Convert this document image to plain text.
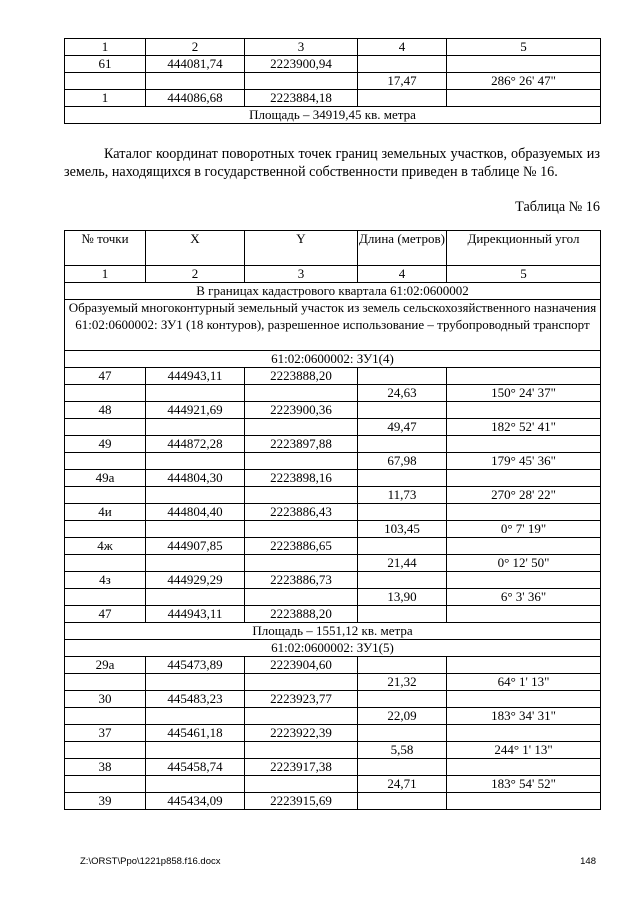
1	2	3	4	5
61	444081,74	2223900,94		
			17,47	286° 26' 47"
1	444086,68	2223884,18		
Площадь – 34919,45 кв. метра				
Каталог координат поворотных точек границ земельных участков, образуемых из земель, находящихся в государственной собственности приведен в таблице № 16.
Таблица № 16
№ точки	X	Y	Длина (метров)	Дирекционный угол
1	2	3	4	5
В границах кадастрового квартала 61:02:0600002				
Образуемый многоконтурный земельный участок из земель сельскохозяйственного назначения 61:02:0600002: ЗУ1 (18 контуров), разрешенное использование – трубопроводный транспорт				
61:02:0600002: ЗУ1(4)				
47	444943,11	2223888,20		
			24,63	150° 24' 37"
48	444921,69	2223900,36		
			49,47	182° 52' 41"
49	444872,28	2223897,88		
			67,98	179° 45' 36"
49а	444804,30	2223898,16		
			11,73	270° 28' 22"
4и	444804,40	2223886,43		
			103,45	0° 7' 19"
4ж	444907,85	2223886,65		
			21,44	0° 12' 50"
4з	444929,29	2223886,73		
			13,90	6° 3' 36"
47	444943,11	2223888,20		
Площадь – 1551,12 кв. метра				
61:02:0600002: ЗУ1(5)				
29а	445473,89	2223904,60		
			21,32	64° 1' 13"
30	445483,23	2223923,77		
			22,09	183° 34' 31"
37	445461,18	2223922,39		
			5,58	244° 1' 13"
38	445458,74	2223917,38		
			24,71	183° 54' 52"
39	445434,09	2223915,69		
Z:\ORST\Ppo\1221p858.f16.docx	148
